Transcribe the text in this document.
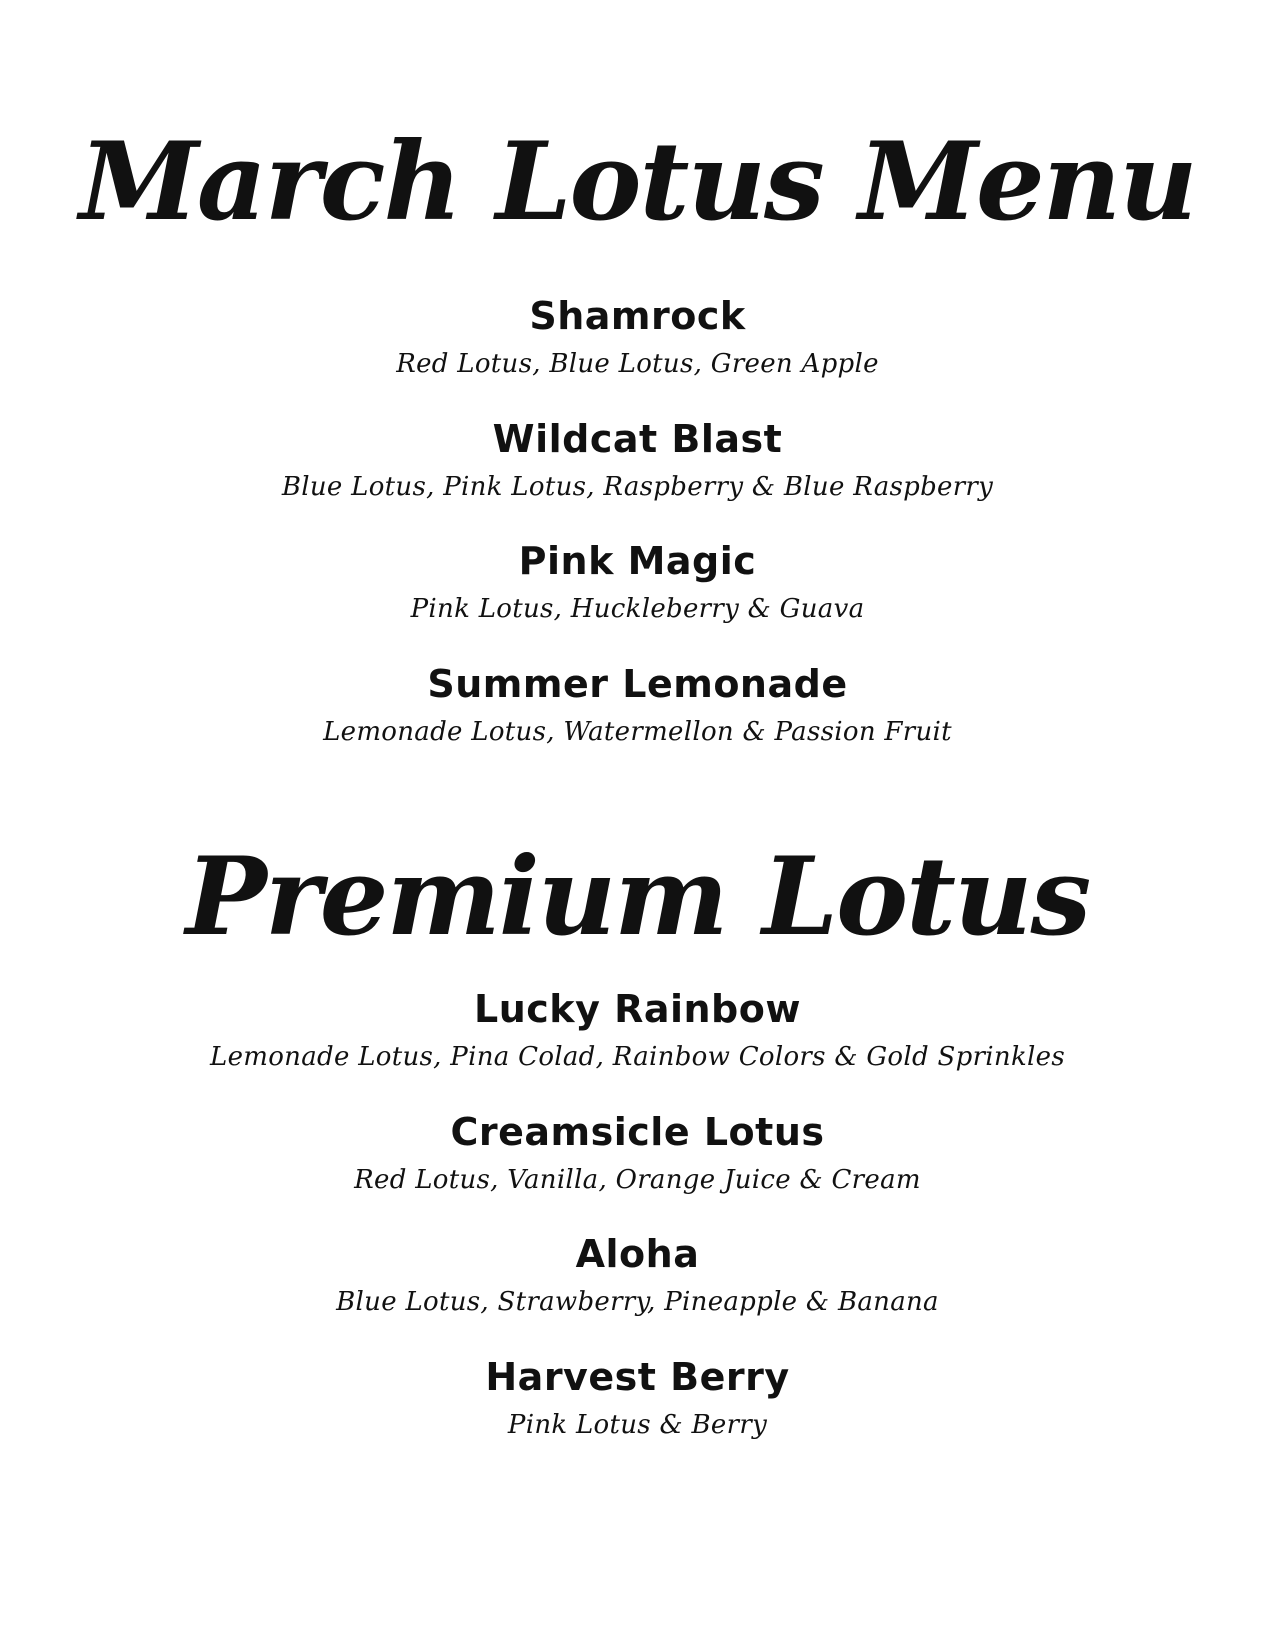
March Lotus Menu
Shamrock
Red Lotus, Blue Lotus, Green Apple
Wildcat Blast
Blue Lotus, Pink Lotus, Raspberry & Blue Raspberry
Pink Magic
Pink Lotus, Huckleberry & Guava
Summer Lemonade
Lemonade Lotus, Watermellon & Passion Fruit
Premium Lotus
Lucky Rainbow
Lemonade Lotus, Pina Colad, Rainbow Colors & Gold Sprinkles
Creamsicle Lotus
Red Lotus, Vanilla, Orange Juice & Cream
Aloha
Blue Lotus, Strawberry, Pineapple & Banana
Harvest Berry
Pink Lotus & Berry
